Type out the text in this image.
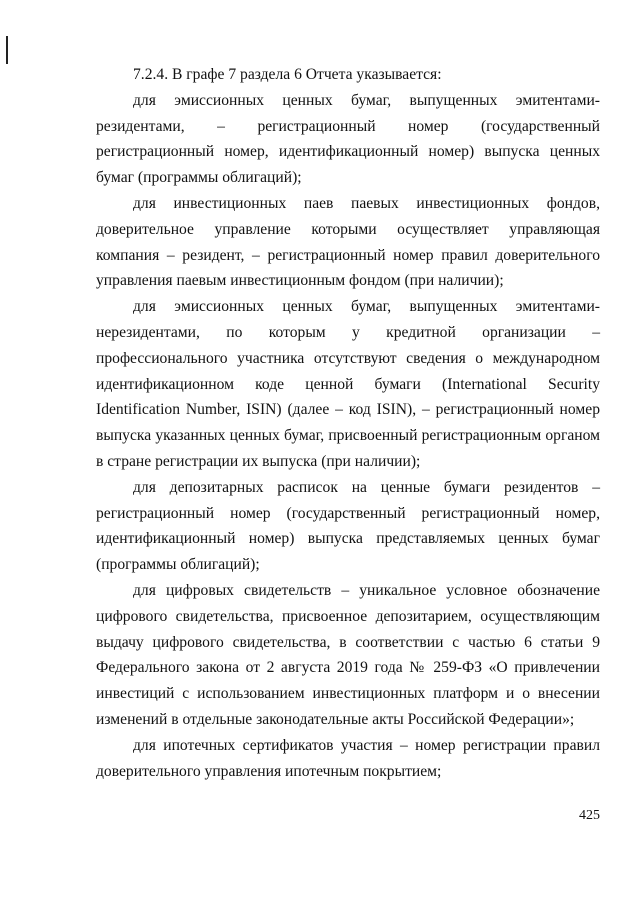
7.2.4. В графе 7 раздела 6 Отчета указывается:

для эмиссионных ценных бумаг, выпущенных эмитентами-резидентами, – регистрационный номер (государственный регистрационный номер, идентификационный номер) выпуска ценных бумаг (программы облигаций);

для инвестиционных паев паевых инвестиционных фондов, доверительное управление которыми осуществляет управляющая компания – резидент, – регистрационный номер правил доверительного управления паевым инвестиционным фондом (при наличии);

для эмиссионных ценных бумаг, выпущенных эмитентами-нерезидентами, по которым у кредитной организации – профессионального участника отсутствуют сведения о международном идентификационном коде ценной бумаги (International Security Identification Number, ISIN) (далее – код ISIN), – регистрационный номер выпуска указанных ценных бумаг, присвоенный регистрационным органом в стране регистрации их выпуска (при наличии);

для депозитарных расписок на ценные бумаги резидентов – регистрационный номер (государственный регистрационный номер, идентификационный номер) выпуска представляемых ценных бумаг (программы облигаций);

для цифровых свидетельств – уникальное условное обозначение цифрового свидетельства, присвоенное депозитарием, осуществляющим выдачу цифрового свидетельства, в соответствии с частью 6 статьи 9 Федерального закона от 2 августа 2019 года № 259-ФЗ «О привлечении инвестиций с использованием инвестиционных платформ и о внесении изменений в отдельные законодательные акты Российской Федерации»;

для ипотечных сертификатов участия – номер регистрации правил доверительного управления ипотечным покрытием;

425
